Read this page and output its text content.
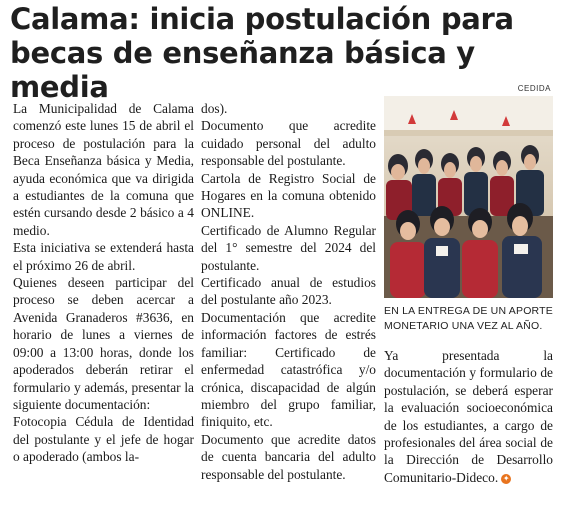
Calama: inicia postulación para becas de enseñanza básica y media	CEDIDA

La Municipalidad de Calama comenzó este lunes 15 de abril el proceso de postulación para la Beca Enseñanza básica y Media, ayuda económica que va dirigida a estudiantes de la comuna que estén cursando desde 2 básico a 4 medio.

Esta iniciativa se extenderá hasta el próximo 26 de abril.

Quienes deseen participar del proceso se deben acercar a Avenida Granaderos #3636, en horario de lunes a viernes de 09:00 a 13:00 horas, donde los apoderados deberán retirar el formulario y además, presentar la siguiente documentación:

Fotocopia Cédula de Identidad del postulante y el jefe de hogar o apoderado (ambos la-

dos).

Documento que acredite cuidado personal del adulto responsable del postulante.

Cartola de Registro Social de Hogares en la comuna obtenido ONLINE.

Certificado de Alumno Regular del 1° semestre del 2024 del postulante.

Certificado anual de estudios del postulante año 2023.

Documentación que acredite información factores de estrés familiar: Certificado de enfermedad catastrófica y/o crónica, discapacidad de algún miembro del grupo familiar, finiquito, etc.

Documento que acredite datos de cuenta bancaria del adulto responsable del postulante.

EN LA ENTREGA DE UN APORTE MONETARIO UNA VEZ AL AÑO.

Ya presentada la documentación y formulario de postulación, se deberá esperar la evaluación socioeconómica de los estudiantes, a cargo de profesionales del área social de la Dirección de Desarrollo Comunitario-Dideco. ✦
